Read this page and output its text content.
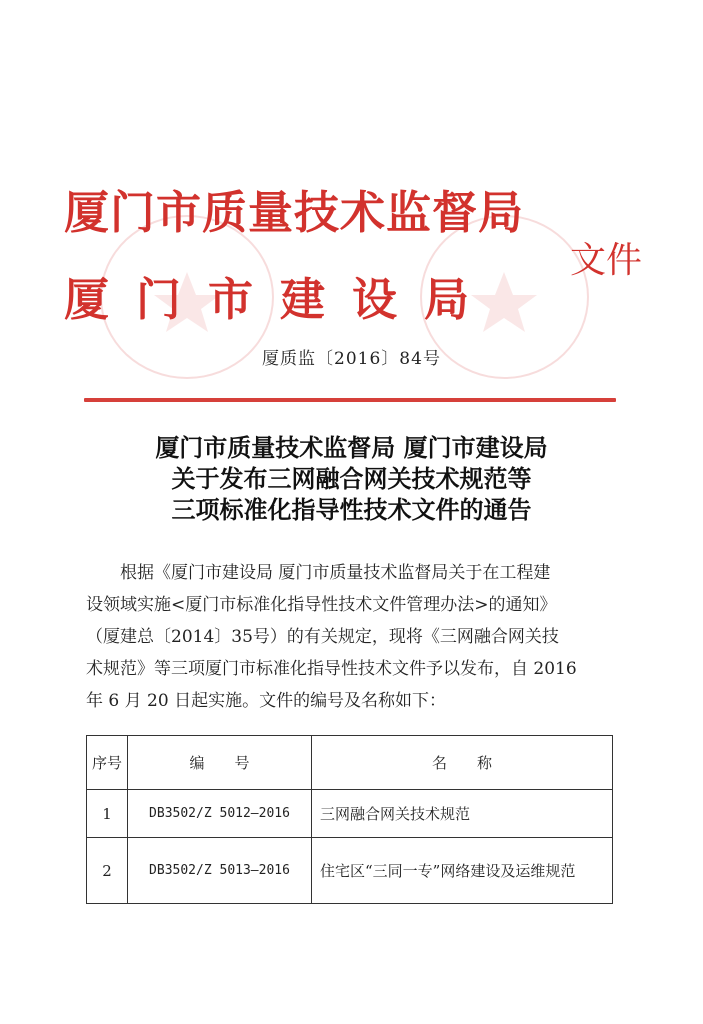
厦门市质量技术监督局
厦门市建设局
文件
厦质监〔2016〕84号
厦门市质量技术监督局 厦门市建设局
关于发布三网融合网关技术规范等
三项标准化指导性技术文件的通告
根据《厦门市建设局 厦门市质量技术监督局关于在工程建
设领域实施<厦门市标准化指导性技术文件管理办法>的通知》
（厦建总〔2014〕35号）的有关规定，现将《三网融合网关技
术规范》等三项厦门市标准化指导性技术文件予以发布，自 2016
年 6 月 20 日起实施。文件的编号及名称如下：
序号	编　　号	名　　称
1	DB3502/Z 5012—2016	三网融合网关技术规范
2	DB3502/Z 5013—2016	住宅区“三同一专”网络建设及运维规范
